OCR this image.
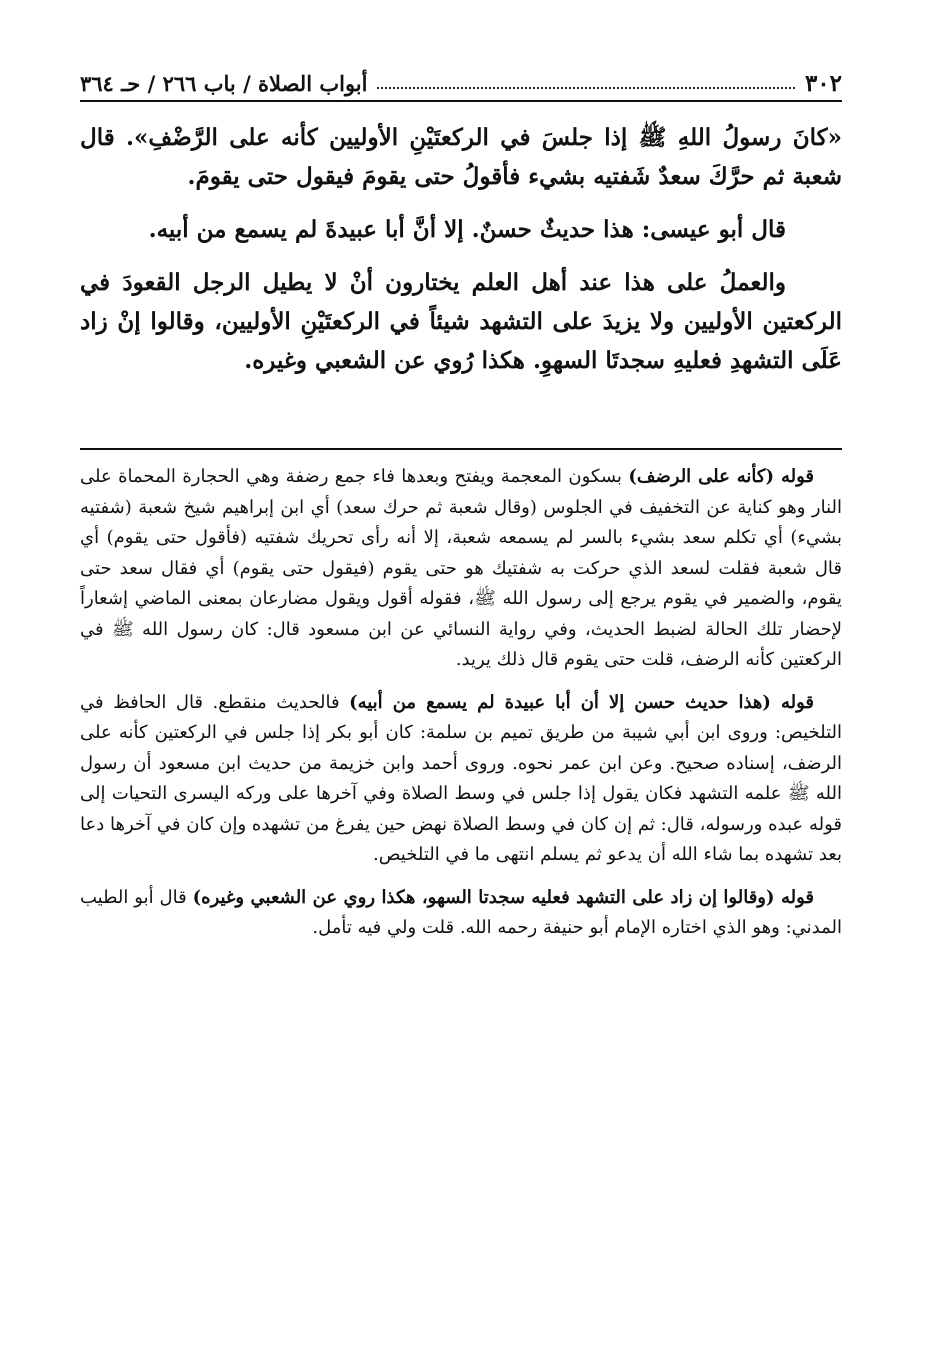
٣٠٢
أبواب الصلاة / باب ٢٦٦ / حـ ٣٦٤

«كانَ رسولُ اللهِ ﷺ إذا جلسَ في الركعتَيْنِ الأوليين كأنه على الرَّضْفِ». قال شعبة ثم حرَّكَ سعدٌ شَفتيه بشيء فأقولُ حتى يقومَ فيقول حتى يقومَ.

قال أبو عيسى: هذا حديثٌ حسنٌ. إلا أنَّ أبا عبيدةَ لم يسمع من أبيه.

والعملُ على هذا عند أهل العلم يختارون أنْ لا يطيل الرجل القعودَ في الركعتين الأوليين ولا يزيدَ على التشهد شيئاً في الركعتَيْنِ الأوليين، وقالوا إنْ زاد عَلَى التشهدِ فعليهِ سجدتَا السهوِ. هكذا رُوي عن الشعبي وغيره.

قوله (كأنه على الرضف) بسكون المعجمة ويفتح وبعدها فاء جمع رضفة وهي الحجارة المحماة على النار وهو كناية عن التخفيف في الجلوس (وقال شعبة ثم حرك سعد) أي ابن إبراهيم شيخ شعبة (شفتيه بشيء) أي تكلم سعد بشيء بالسر لم يسمعه شعبة، إلا أنه رأى تحريك شفتيه (فأقول حتى يقوم) أي قال شعبة فقلت لسعد الذي حركت به شفتيك هو حتى يقوم (فيقول حتى يقوم) أي فقال سعد حتى يقوم، والضمير في يقوم يرجع إلى رسول الله ﷺ، فقوله أقول ويقول مضارعان بمعنى الماضي إشعاراً لإحضار تلك الحالة لضبط الحديث، وفي رواية النسائي عن ابن مسعود قال: كان رسول الله ﷺ في الركعتين كأنه الرضف، قلت حتى يقوم قال ذلك يريد.

قوله (هذا حديث حسن إلا أن أبا عبيدة لم يسمع من أبيه) فالحديث منقطع. قال الحافظ في التلخيص: وروى ابن أبي شيبة من طريق تميم بن سلمة: كان أبو بكر إذا جلس في الركعتين كأنه على الرضف، إسناده صحيح. وعن ابن عمر نحوه. وروى أحمد وابن خزيمة من حديث ابن مسعود أن رسول الله ﷺ علمه التشهد فكان يقول إذا جلس في وسط الصلاة وفي آخرها على وركه اليسرى التحيات إلى قوله عبده ورسوله، قال: ثم إن كان في وسط الصلاة نهض حين يفرغ من تشهده وإن كان في آخرها دعا بعد تشهده بما شاء الله أن يدعو ثم يسلم انتهى ما في التلخيص.

قوله (وقالوا إن زاد على التشهد فعليه سجدتا السهو، هكذا روي عن الشعبي وغيره) قال أبو الطيب المدني: وهو الذي اختاره الإمام أبو حنيفة رحمه الله. قلت ولي فيه تأمل.
